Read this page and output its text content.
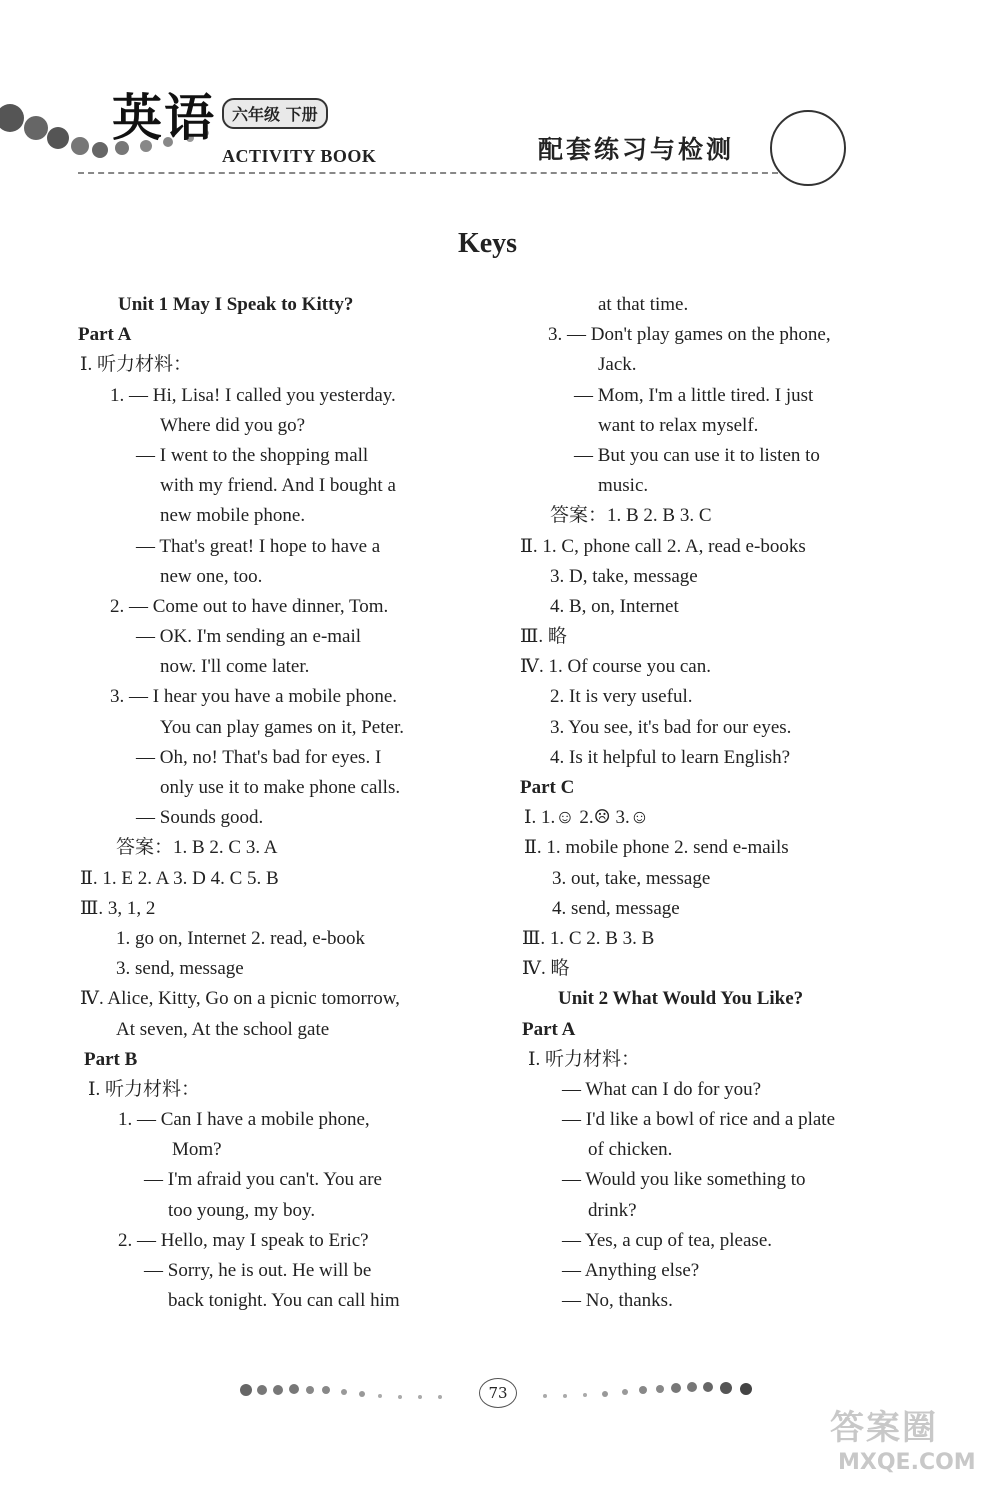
英语	六年级 下册
ACTIVITY BOOK	配套练习与检测
Keys
Unit 1 May I Speak to Kitty?
Part A
Ⅰ. 听力材料：
1. — Hi, Lisa! I called you yesterday.
Where did you go?
— I went to the shopping mall
with my friend. And I bought a
new mobile phone.
— That's great! I hope to have a
new one, too.
2. — Come out to have dinner, Tom.
— OK. I'm sending an e-mail
now. I'll come later.
3. — I hear you have a mobile phone.
You can play games on it, Peter.
— Oh, no! That's bad for eyes. I
only use it to make phone calls.
— Sounds good.
答案：1. B 2. C 3. A
Ⅱ. 1. E 2. A 3. D 4. C 5. B
Ⅲ. 3, 1, 2
1. go on, Internet 2. read, e-book
3. send, message
Ⅳ. Alice, Kitty, Go on a picnic tomorrow,
At seven, At the school gate
Part B
Ⅰ. 听力材料：
1. — Can I have a mobile phone,
Mom?
— I'm afraid you can't. You are
too young, my boy.
2. — Hello, may I speak to Eric?
— Sorry, he is out. He will be
back tonight. You can call him
at that time.
3. — Don't play games on the phone,
Jack.
— Mom, I'm a little tired. I just
want to relax myself.
— But you can use it to listen to
music.
答案：1. B 2. B 3. C
Ⅱ. 1. C, phone call 2. A, read e-books
3. D, take, message
4. B, on, Internet
Ⅲ. 略
Ⅳ. 1. Of course you can.
2. It is very useful.
3. You see, it's bad for our eyes.
4. Is it helpful to learn English?
Part C
Ⅰ. 1.☺ 2.☹ 3.☺
Ⅱ. 1. mobile phone 2. send e-mails
3. out, take, message
4. send, message
Ⅲ. 1. C 2. B 3. B
Ⅳ. 略
Unit 2 What Would You Like?
Part A
Ⅰ. 听力材料：
— What can I do for you?
— I'd like a bowl of rice and a plate
of chicken.
— Would you like something to
drink?
— Yes, a cup of tea, please.
— Anything else?
— No, thanks.
73
答案圈
MXQE.COM
